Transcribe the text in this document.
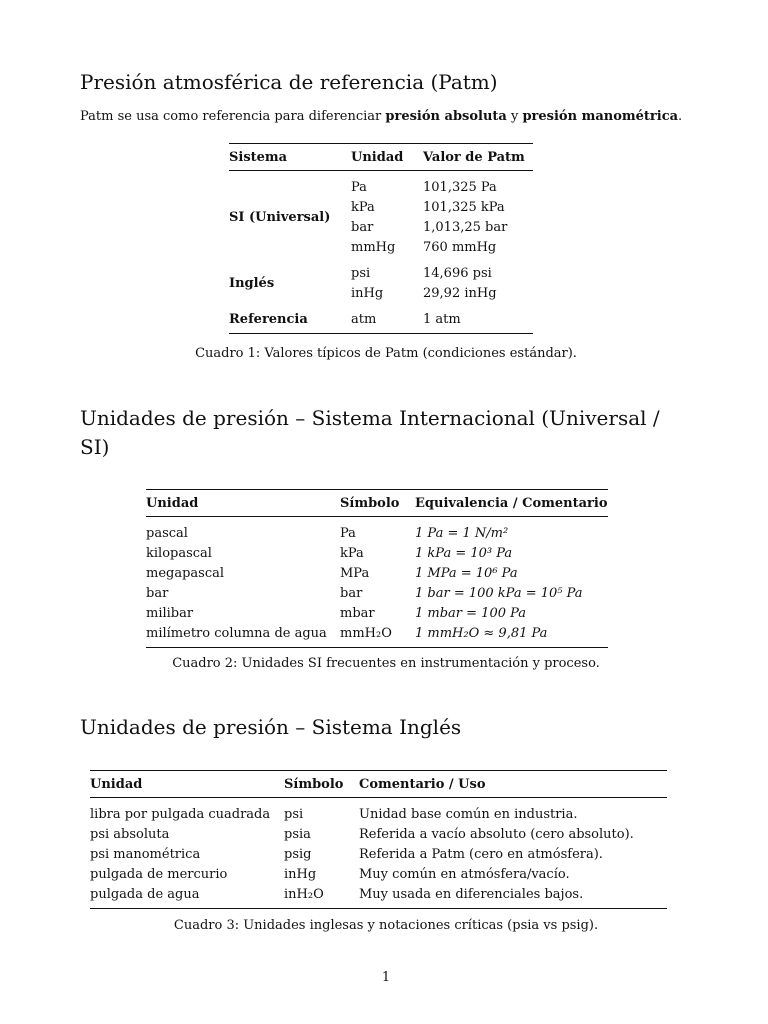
Presión atmosférica de referencia (Patm)
Patm se usa como referencia para diferenciar presión absoluta y presión manométrica.
Sistema	Unidad	Valor de Patm
SI (Universal)	Pa	101,325 Pa
	kPa	101,325 kPa
	bar	1,013,25 bar
	mmHg	760 mmHg
Inglés	psi	14,696 psi
	inHg	29,92 inHg
Referencia	atm	1 atm
Cuadro 1: Valores típicos de Patm (condiciones estándar).
Unidades de presión – Sistema Internacional (Universal / SI)
Unidad	Símbolo	Equivalencia / Comentario
pascal	Pa	1 Pa = 1 N/m²
kilopascal	kPa	1 kPa = 10³ Pa
megapascal	MPa	1 MPa = 10⁶ Pa
bar	bar	1 bar = 100 kPa = 10⁵ Pa
milibar	mbar	1 mbar = 100 Pa
milímetro columna de agua	mmH₂O	1 mmH₂O ≈ 9,81 Pa
Cuadro 2: Unidades SI frecuentes en instrumentación y proceso.
Unidades de presión – Sistema Inglés
Unidad	Símbolo	Comentario / Uso
libra por pulgada cuadrada	psi	Unidad base común en industria.
psi absoluta	psia	Referida a vacío absoluto (cero absoluto).
psi manométrica	psig	Referida a Patm (cero en atmósfera).
pulgada de mercurio	inHg	Muy común en atmósfera/vacío.
pulgada de agua	inH₂O	Muy usada en diferenciales bajos.
Cuadro 3: Unidades inglesas y notaciones críticas (psia vs psig).
1
